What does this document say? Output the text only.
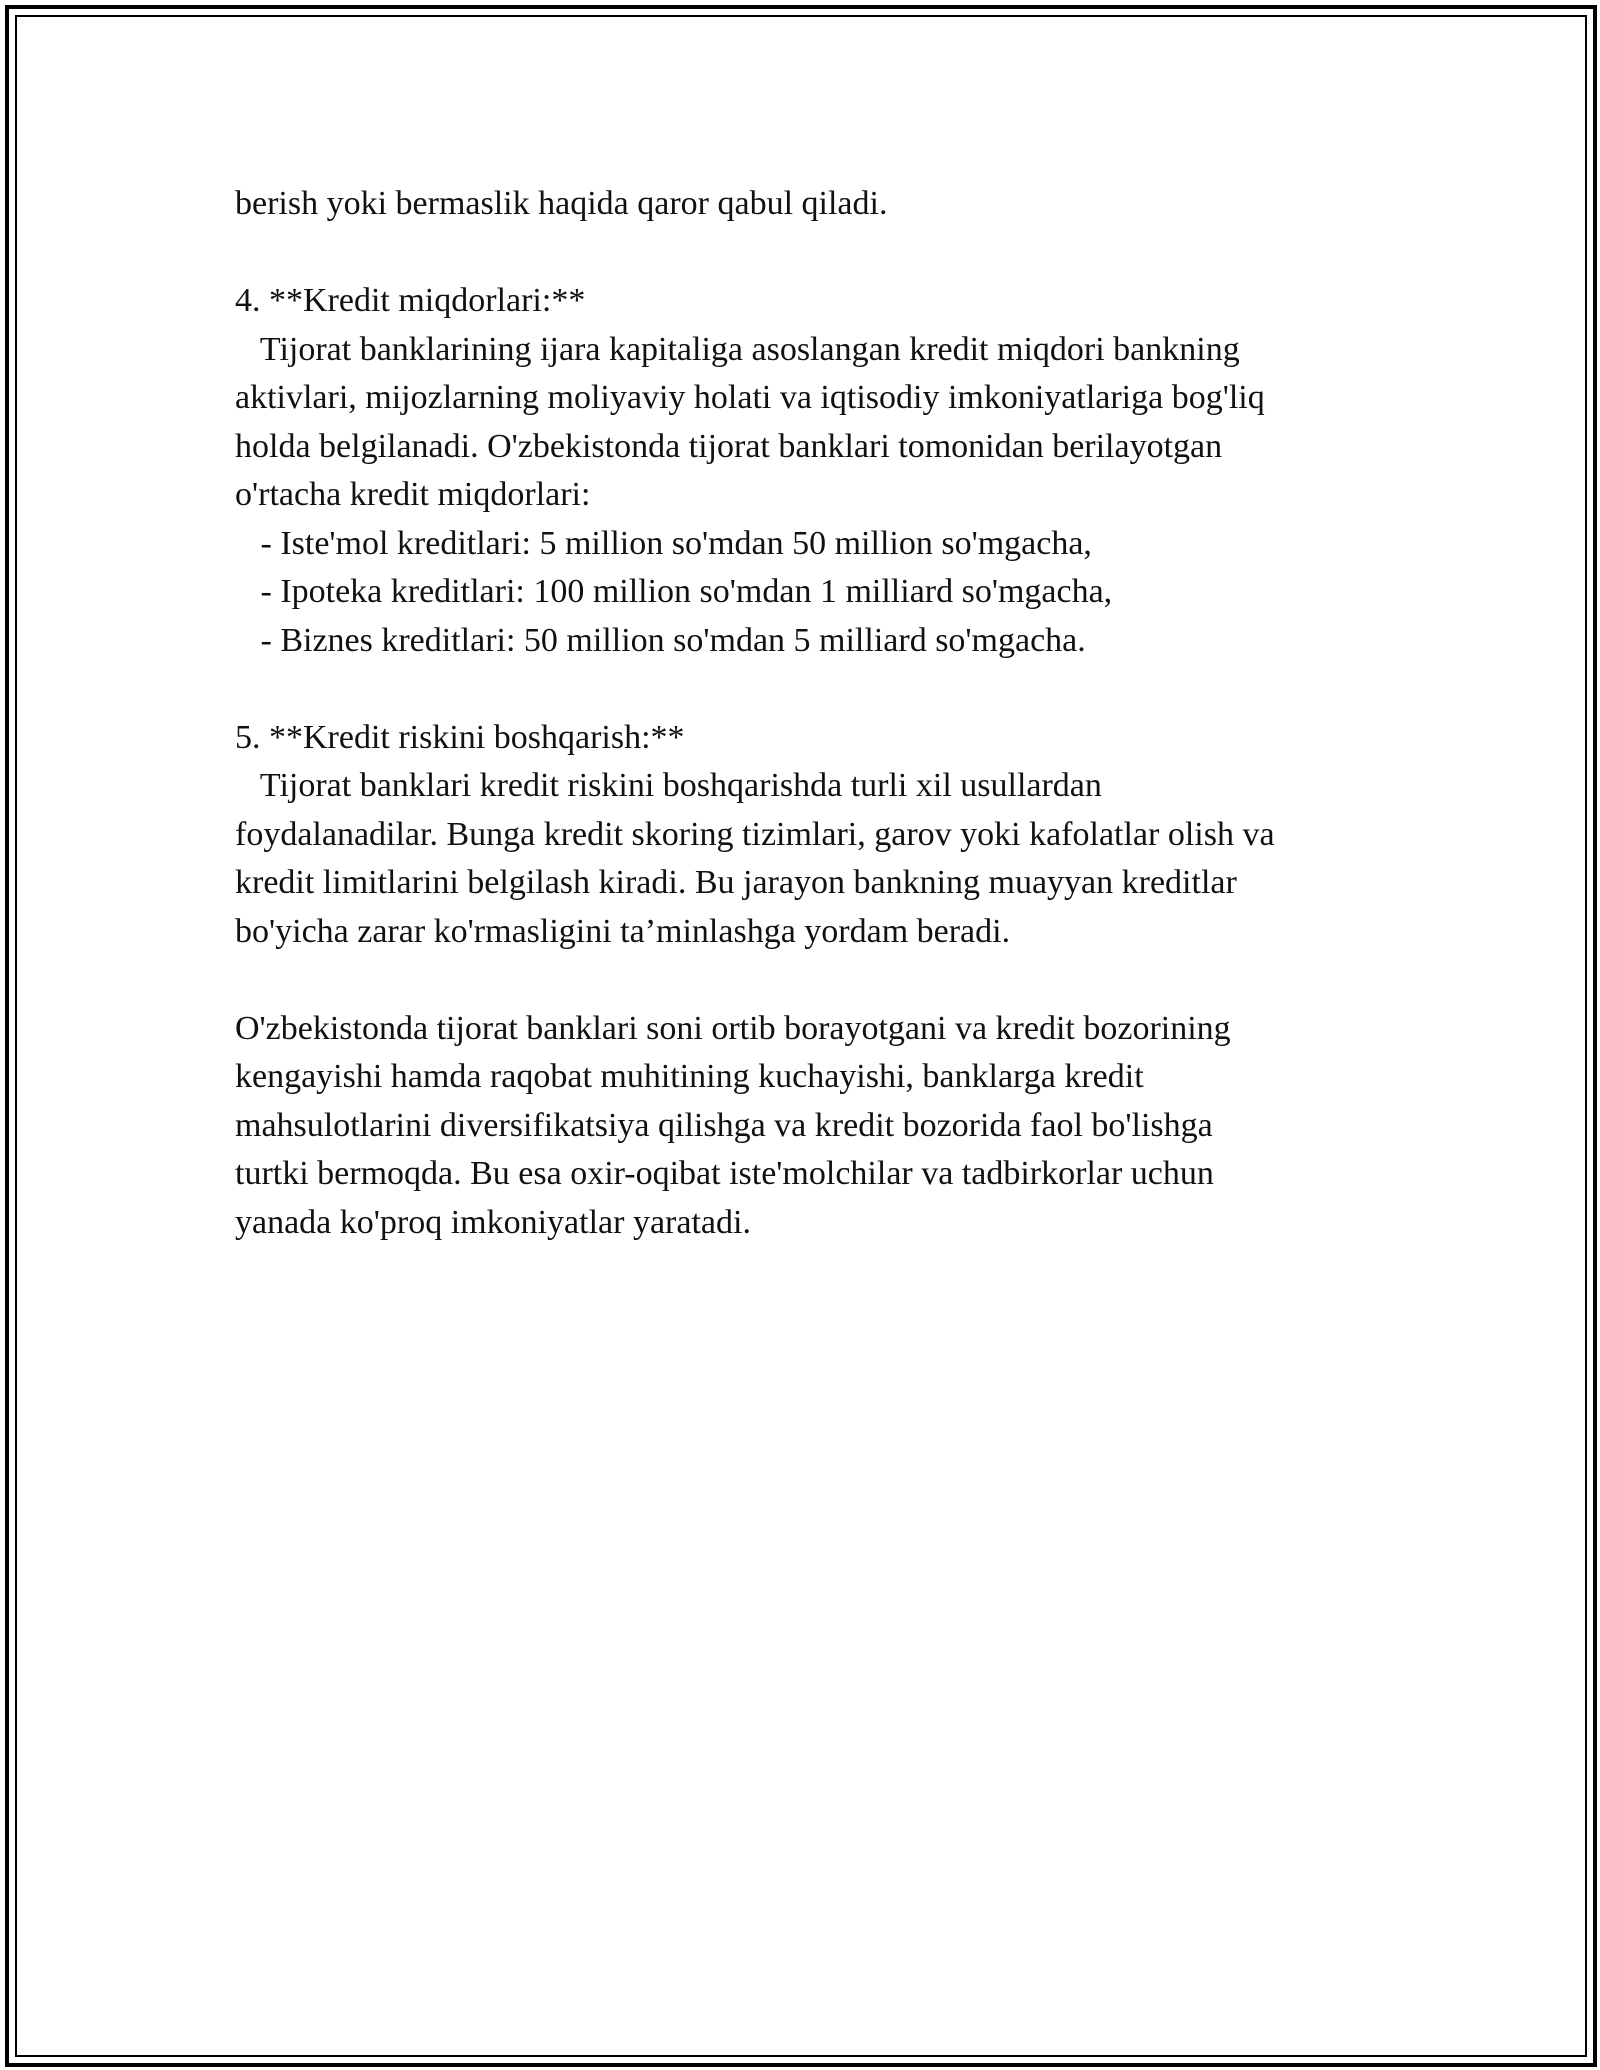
berish yoki bermaslik haqida qaror qabul qiladi.
4. **Kredit miqdorlari:**
Tijorat banklarining ijara kapitaliga asoslangan kredit miqdori bankning
aktivlari, mijozlarning moliyaviy holati va iqtisodiy imkoniyatlariga bog'liq
holda belgilanadi. O'zbekistonda tijorat banklari tomonidan berilayotgan
o'rtacha kredit miqdorlari:
- Iste'mol kreditlari: 5 million so'mdan 50 million so'mgacha,
- Ipoteka kreditlari: 100 million so'mdan 1 milliard so'mgacha,
- Biznes kreditlari: 50 million so'mdan 5 milliard so'mgacha.
5. **Kredit riskini boshqarish:**
Tijorat banklari kredit riskini boshqarishda turli xil usullardan
foydalanadilar. Bunga kredit skoring tizimlari, garov yoki kafolatlar olish va
kredit limitlarini belgilash kiradi. Bu jarayon bankning muayyan kreditlar
bo'yicha zarar ko'rmasligini ta’minlashga yordam beradi.
O'zbekistonda tijorat banklari soni ortib borayotgani va kredit bozorining
kengayishi hamda raqobat muhitining kuchayishi, banklarga kredit
mahsulotlarini diversifikatsiya qilishga va kredit bozorida faol bo'lishga
turtki bermoqda. Bu esa oxir-oqibat iste'molchilar va tadbirkorlar uchun
yanada ko'proq imkoniyatlar yaratadi.
